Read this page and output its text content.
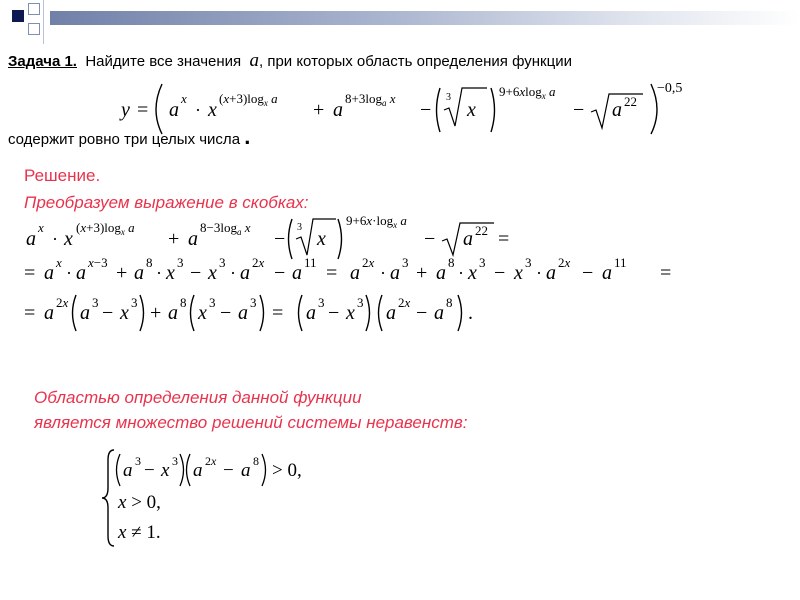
Задача 1. Найдите все значения a, при которых область определения функции
y = a
x
· x
$(x+3)\log_x$ a
+ a
$8+3\log_a$ x
−
3
x
9+6xlog$_x$ a
− a 22
−0,5
содержит ровно три целых числа .
Решение.
Преобразуем выражение в скобках:
a
x
· x
$(x+3)\log_x$ a
+ a
$8-3\log_a$ x
−
3
x
$9+6x\cdot\log_x$ a
− a 22 =
= a x
· a x−3 + a 8
· x 3 − x 3
· a 2x − a 11 = a 2x
· a 3 + a 8
· x 3 − x 3
· a 2x − a 11 =
= a 2x a 3 − x 3 + a 8 x 3 − a 3 = a 3 − x 3 a 2x − a 8 .
Областью определения данной функции
является множество решений системы неравенств:
a 3 − x 3 a 2x − a 8 > 0,
x > 0,
x ≠ 1.
